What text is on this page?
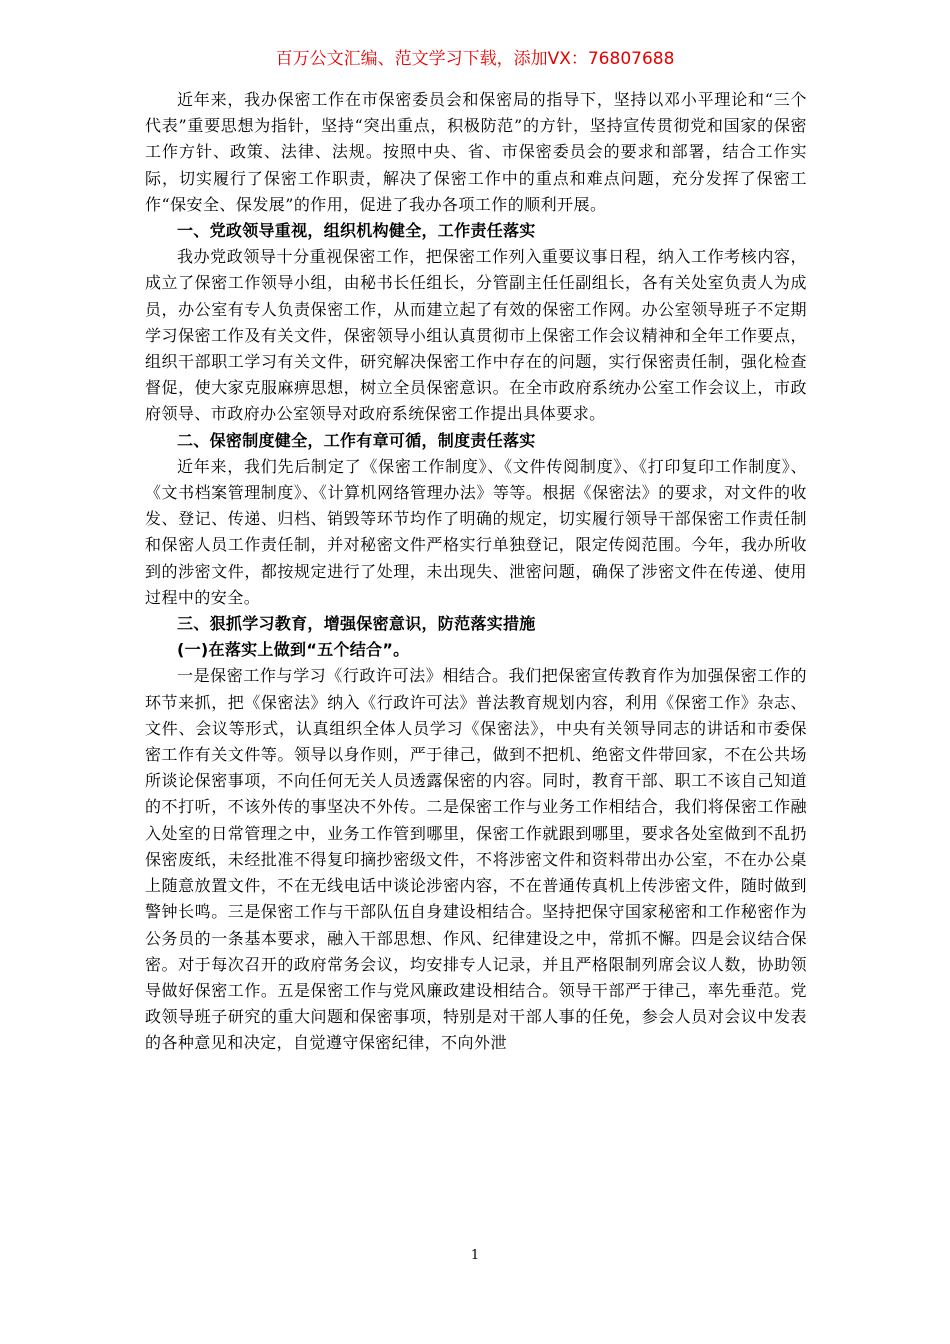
百万公文汇编、范文学习下载，添加VX：76807688

近年来，我办保密工作在市保密委员会和保密局的指导下，坚持以邓小平理论和“三个代表”重要思想为指针，坚持“突出重点，积极防范”的方针，坚持宣传贯彻党和国家的保密工作方针、政策、法律、法规。按照中央、省、市保密委员会的要求和部署，结合工作实际，切实履行了保密工作职责，解决了保密工作中的重点和难点问题，充分发挥了保密工作“保安全、保发展”的作用，促进了我办各项工作的顺利开展。

一、党政领导重视，组织机构健全，工作责任落实

我办党政领导十分重视保密工作，把保密工作列入重要议事日程，纳入工作考核内容，成立了保密工作领导小组，由秘书长任组长，分管副主任任副组长，各有关处室负责人为成员，办公室有专人负责保密工作，从而建立起了有效的保密工作网。办公室领导班子不定期学习保密工作及有关文件，保密领导小组认真贯彻市上保密工作会议精神和全年工作要点，组织干部职工学习有关文件，研究解决保密工作中存在的问题，实行保密责任制，强化检查督促，使大家克服麻痹思想，树立全员保密意识。在全市政府系统办公室工作会议上，市政府领导、市政府办公室领导对政府系统保密工作提出具体要求。

二、保密制度健全，工作有章可循，制度责任落实

近年来，我们先后制定了《保密工作制度》、《文件传阅制度》、《打印复印工作制度》、《文书档案管理制度》、《计算机网络管理办法》等等。根据《保密法》的要求，对文件的收发、登记、传递、归档、销毁等环节均作了明确的规定，切实履行领导干部保密工作责任制和保密人员工作责任制，并对秘密文件严格实行单独登记，限定传阅范围。今年，我办所收到的涉密文件，都按规定进行了处理，未出现失、泄密问题，确保了涉密文件在传递、使用过程中的安全。

三、狠抓学习教育，增强保密意识，防范落实措施

(一)在落实上做到“五个结合”。

一是保密工作与学习《行政许可法》相结合。我们把保密宣传教育作为加强保密工作的环节来抓，把《保密法》纳入《行政许可法》普法教育规划内容，利用《保密工作》杂志、文件、会议等形式，认真组织全体人员学习《保密法》，中央有关领导同志的讲话和市委保密工作有关文件等。领导以身作则，严于律己，做到不把机、绝密文件带回家，不在公共场所谈论保密事项，不向任何无关人员透露保密的内容。同时，教育干部、职工不该自己知道的不打听，不该外传的事坚决不外传。二是保密工作与业务工作相结合，我们将保密工作融入处室的日常管理之中，业务工作管到哪里，保密工作就跟到哪里，要求各处室做到不乱扔保密废纸，未经批准不得复印摘抄密级文件，不将涉密文件和资料带出办公室，不在办公桌上随意放置文件，不在无线电话中谈论涉密内容，不在普通传真机上传涉密文件，随时做到警钟长鸣。三是保密工作与干部队伍自身建设相结合。坚持把保守国家秘密和工作秘密作为公务员的一条基本要求，融入干部思想、作风、纪律建设之中，常抓不懈。四是会议结合保密。对于每次召开的政府常务会议，均安排专人记录，并且严格限制列席会议人数，协助领导做好保密工作。五是保密工作与党风廉政建设相结合。领导干部严于律己，率先垂范。党政领导班子研究的重大问题和保密事项，特别是对干部人事的任免，参会人员对会议中发表的各种意见和决定，自觉遵守保密纪律，不向外泄

1
